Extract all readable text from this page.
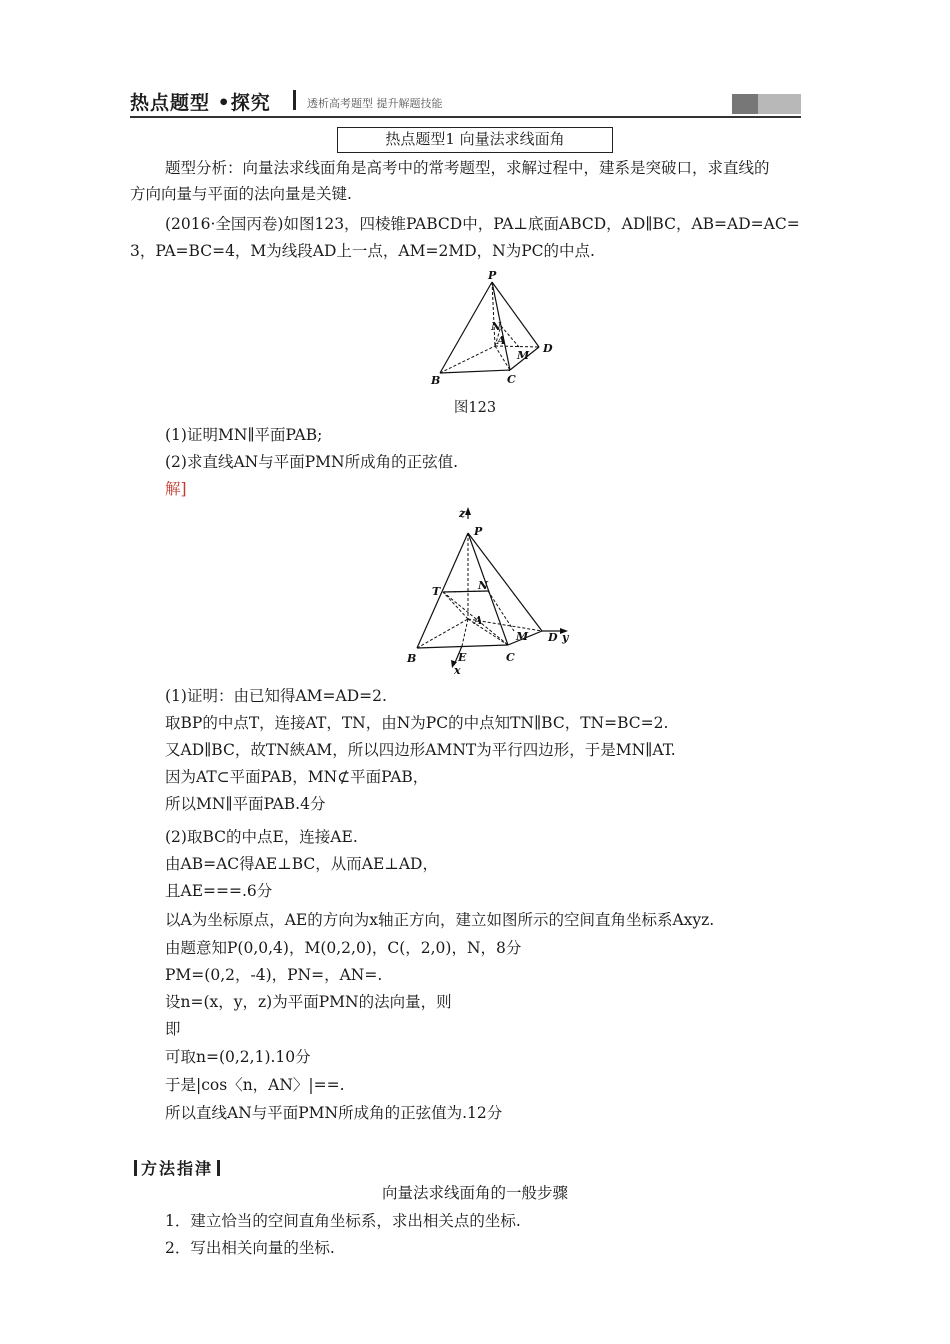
热点题型 •探究	透析高考题型 提升解题技能
热点题型1 向量法求线面角
题型分析：向量法求线面角是高考中的常考题型，求解过程中，建系是突破口，求直线的
方向向量与平面的法向量是关键.
(2016·全国丙卷)如图123，四棱锥PABCD中，PA⊥底面ABCD，AD∥BC，AB=AD=AC=
3，PA=BC=4，M为线段AD上一点，AM=2MD，N为PC的中点.
P
N
A
M
D
B	C
图123
(1)证明MN∥平面PAB;
(2)求直线AN与平面PMN所成角的正弦值.
解]
z
P
T	N
A
M D y
B	E	C
x
(1)证明：由已知得AM=AD=2.
取BP的中点T，连接AT，TN，由N为PC的中点知TN∥BC，TN=BC=2.
又AD∥BC，故TN綊AM，所以四边形AMNT为平行四边形，于是MN∥AT.
因为AT⊂平面PAB，MN⊄平面PAB，
所以MN∥平面PAB.4分
(2)取BC的中点E，连接AE.
由AB=AC得AE⊥BC，从而AE⊥AD，
且AE===.6分
以A为坐标原点，AE的方向为x轴正方向，建立如图所示的空间直角坐标系Axyz.
由题意知P(0,0,4)，M(0,2,0)，C(，2,0)，N，8分
PM=(0,2，-4)，PN=，AN=.
设n=(x，y，z)为平面PMN的法向量，则
即
可取n=(0,2,1).10分
于是|cos〈n，AN〉|==.
所以直线AN与平面PMN所成角的正弦值为.12分
方法指津
向量法求线面角的一般步骤
1．建立恰当的空间直角坐标系，求出相关点的坐标.
2．写出相关向量的坐标.
